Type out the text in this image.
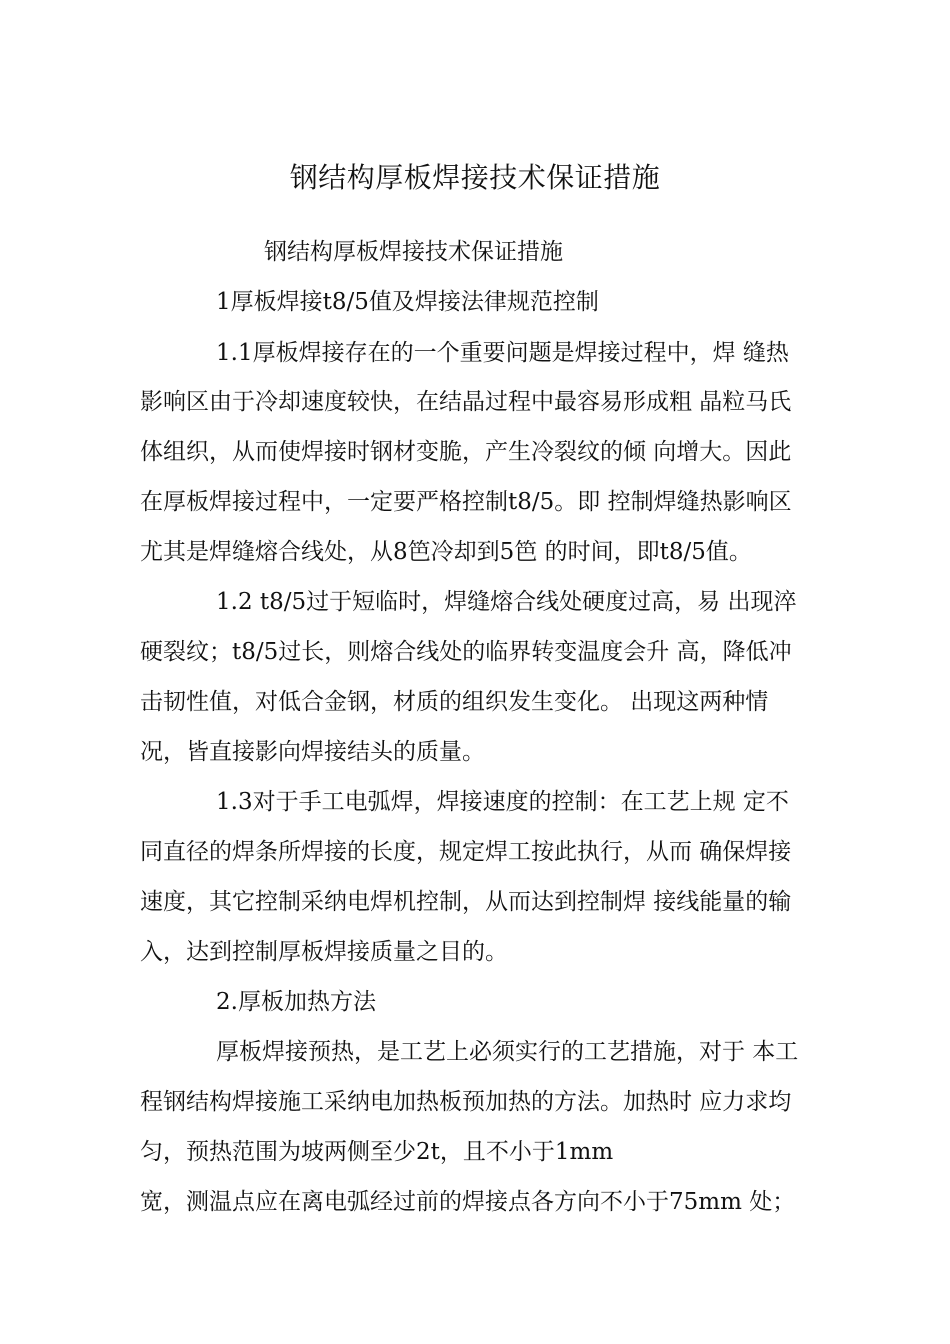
钢结构厚板焊接技术保证措施
钢结构厚板焊接技术保证措施
1厚板焊接t8/5值及焊接法律规范控制
1.1厚板焊接存在的一个重要问题是焊接过程中，焊 缝热
影响区由于冷却速度较快，在结晶过程中最容易形成粗 晶粒马氏
体组织，从而使焊接时钢材变脆，产生冷裂纹的倾 向增大。因此
在厚板焊接过程中，一定要严格控制t8/5。即 控制焊缝热影响区
尤其是焊缝熔合线处，从8笆冷却到5笆 的时间，即t8/5值。
1.2 t8/5过于短临时，焊缝熔合线处硬度过高，易 出现淬
硬裂纹；t8/5过长，则熔合线处的临界转变温度会升 高，降低冲
击韧性值，对低合金钢，材质的组织发生变化。 出现这两种情
况，皆直接影向焊接结头的质量。
1.3对于手工电弧焊，焊接速度的控制：在工艺上规 定不
同直径的焊条所焊接的长度，规定焊工按此执行，从而 确保焊接
速度，其它控制采纳电焊机控制，从而达到控制焊 接线能量的输
入，达到控制厚板焊接质量之目的。
2.厚板加热方法
厚板焊接预热，是工艺上必须实行的工艺措施，对于 本工
程钢结构焊接施工采纳电加热板预加热的方法。加热时 应力求均
匀，预热范围为坡两侧至少2t，且不小于1mm
宽，测温点应在离电弧经过前的焊接点各方向不小于75mm 处；
